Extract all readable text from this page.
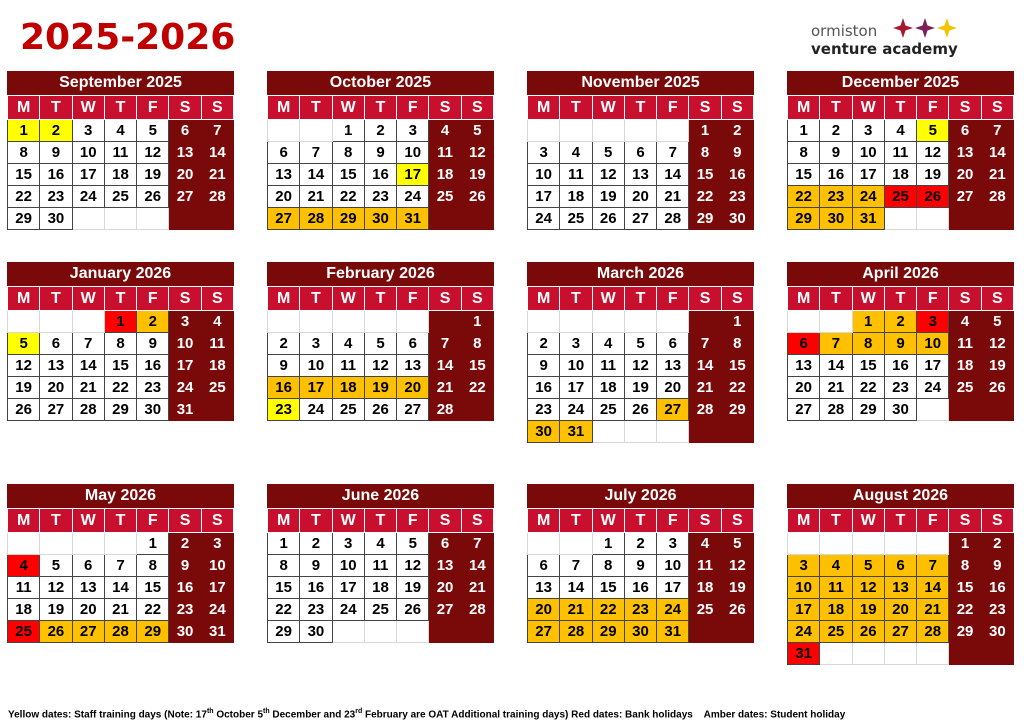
2025-2026	ormiston
venture academy
September 2025
M	T	W	T	F	S	S
1	2	3	4	5	6	7
8	9	10	11	12	13	14
15	16	17	18	19	20	21
22	23	24	25	26	27	28
29	30					
October 2025
M	T	W	T	F	S	S
		1	2	3	4	5
6	7	8	9	10	11	12
13	14	15	16	17	18	19
20	21	22	23	24	25	26
27	28	29	30	31		
November 2025
M	T	W	T	F	S	S
					1	2
3	4	5	6	7	8	9
10	11	12	13	14	15	16
17	18	19	20	21	22	23
24	25	26	27	28	29	30
December 2025
M	T	W	T	F	S	S
1	2	3	4	5	6	7
8	9	10	11	12	13	14
15	16	17	18	19	20	21
22	23	24	25	26	27	28
29	30	31				
January 2026
M	T	W	T	F	S	S
			1	2	3	4
5	6	7	8	9	10	11
12	13	14	15	16	17	18
19	20	21	22	23	24	25
26	27	28	29	30	31	
February 2026
M	T	W	T	F	S	S
						1
2	3	4	5	6	7	8
9	10	11	12	13	14	15
16	17	18	19	20	21	22
23	24	25	26	27	28	
March 2026
M	T	W	T	F	S	S
						1
2	3	4	5	6	7	8
9	10	11	12	13	14	15
16	17	18	19	20	21	22
23	24	25	26	27	28	29
30	31					
April 2026
M	T	W	T	F	S	S
		1	2	3	4	5
6	7	8	9	10	11	12
13	14	15	16	17	18	19
20	21	22	23	24	25	26
27	28	29	30			
May 2026
M	T	W	T	F	S	S
				1	2	3
4	5	6	7	8	9	10
11	12	13	14	15	16	17
18	19	20	21	22	23	24
25	26	27	28	29	30	31
June 2026
M	T	W	T	F	S	S
1	2	3	4	5	6	7
8	9	10	11	12	13	14
15	16	17	18	19	20	21
22	23	24	25	26	27	28
29	30					
July 2026
M	T	W	T	F	S	S
		1	2	3	4	5
6	7	8	9	10	11	12
13	14	15	16	17	18	19
20	21	22	23	24	25	26
27	28	29	30	31		
August 2026
M	T	W	T	F	S	S
					1	2
3	4	5	6	7	8	9
10	11	12	13	14	15	16
17	18	19	20	21	22	23
24	25	26	27	28	29	30
31						
Yellow dates: Staff training days (Note: 17th October 5th December and 23rd February are OAT Additional training days) Red dates: Bank holidays    Amber dates: Student holiday
